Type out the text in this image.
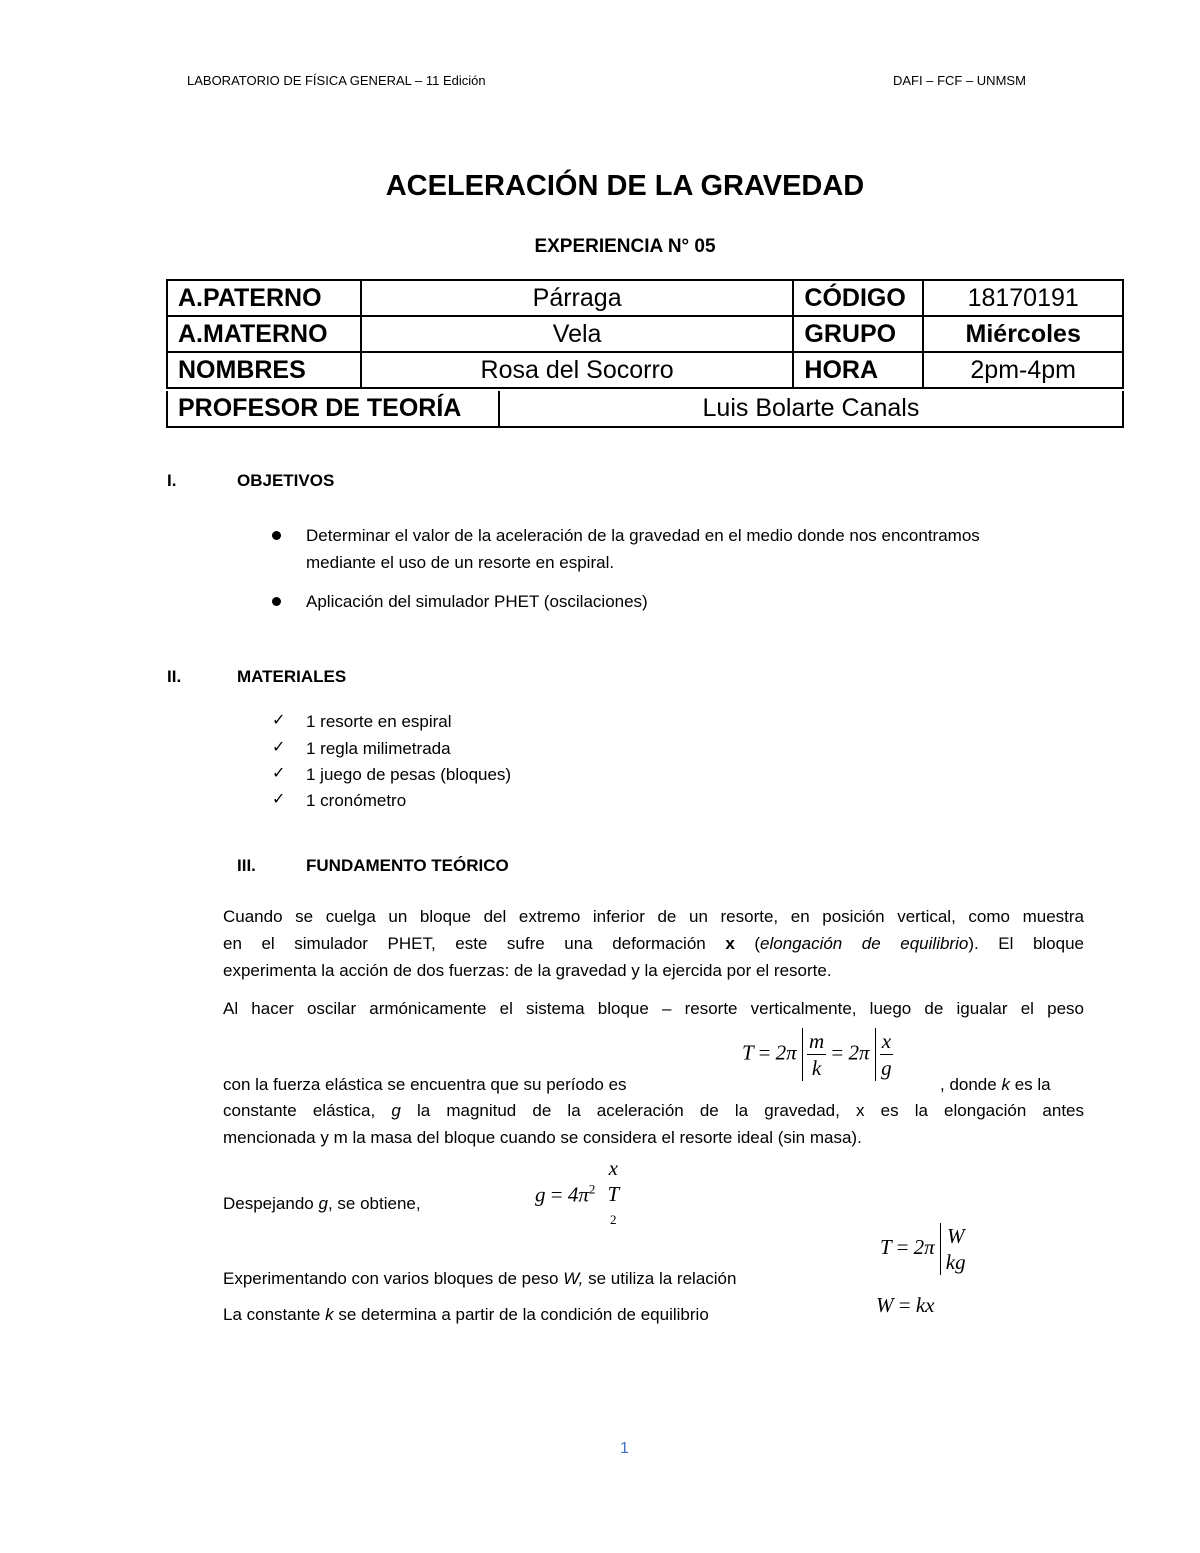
LABORATORIO DE FÍSICA GENERAL – 11 Edición	DAFI – FCF – UNMSM
ACELERACIÓN DE LA GRAVEDAD
EXPERIENCIA N° 05
A.PATERNO	Párraga	CÓDIGO	18170191
A.MATERNO	Vela	GRUPO	Miércoles
NOMBRES	Rosa del Socorro	HORA	2pm-4pm
PROFESOR DE TEORÍA	Luis Bolarte Canals
I.	OBJETIVOS
Determinar el valor de la aceleración de la gravedad en el medio donde nos encontramos
mediante el uso de un resorte en espiral.
Aplicación del simulador PHET (oscilaciones)
II.	MATERIALES
✓ 1 resorte en espiral
✓ 1 regla milimetrada
✓ 1 juego de pesas (bloques)
✓ 1 cronómetro
III.	FUNDAMENTO TEÓRICO
Cuando se cuelga un bloque del extremo inferior de un resorte, en posición vertical, como muestra
en el simulador PHET, este sufre una deformación x (elongación de equilibrio). El bloque
experimenta la acción de dos fuerzas: de la gravedad y la ejercida por el resorte.
Al hacer oscilar armónicamente el sistema bloque – resorte verticalmente, luego de igualar el peso
$T = 2\pi \frac{m}{k} = 2\pi \frac{x}{g}$
con la fuerza elástica se encuentra que su período es	, donde k es la
constante elástica, g la magnitud de la aceleración de la gravedad, x es la elongación antes
mencionada y m la masa del bloque cuando se considera el resorte ideal (sin masa).
g = 4π$^2$
x
T
$^2$
Despejando g, se obtiene,
T = 2π W
kg
Experimentando con varios bloques de peso W, se utiliza la relación
W = kx
La constante k se determina a partir de la condición de equilibrio
1
